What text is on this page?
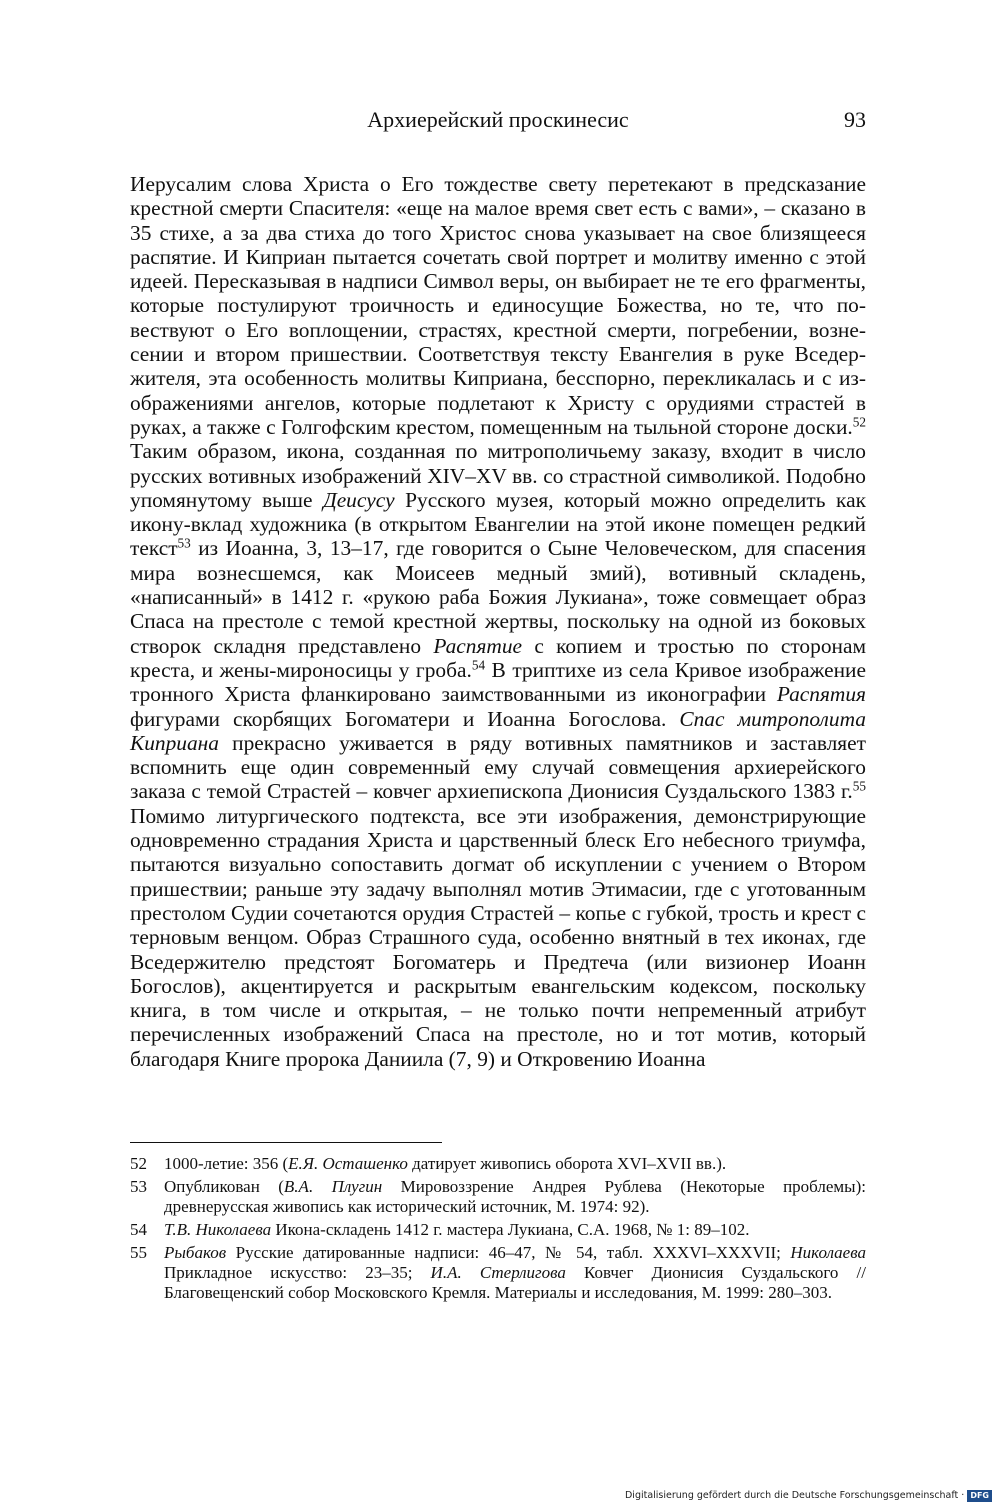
Архиерейский проскинесис	93

Иерусалим слова Христа о Его тождестве свету перетекают в предсказание крестной смерти Спасителя: «еще на малое время свет есть с вами», – сказано в 35 стихе, а за два стиха до того Христос снова указывает на свое близящееся распятие. И Киприан пытается сочетать свой портрет и молитву именно с этой идеей. Пересказывая в надписи Символ веры, он выбирает не те его фрагменты, которые постулируют троичность и единосущие Божества, но те, что повествуют о Его воплощении, страстях, крестной смерти, погребении, вознесении и втором пришествии. Соответствуя тексту Евангелия в руке Вседержителя, эта особенность молитвы Киприана, бесспорно, перекликалась и с изображениями ангелов, которые подлетают к Христу с орудиями страстей в руках, а также с Голгофским крестом, помещенным на тыльной стороне доски.$^{52}$ Таким образом, икона, созданная по митрополичьему заказу, входит в число русских вотивных изображений XIV–XV вв. со страстной символикой. Подобно упомянутому выше Деисусу Русского музея, который можно определить как икону-вклад художника (в открытом Евангелии на этой иконе помещен редкий текст$^{53}$ из Иоанна, 3, 13–17, где говорится о Сыне Человеческом, для спасения мира вознесшемся, как Моисеев медный змий), вотивный складень, «написанный» в 1412 г. «рукою раба Божия Лукиана», тоже совмещает образ Спаса на престоле с темой крестной жертвы, поскольку на одной из боковых створок складня представлено Распятие с копием и тростью по сторонам креста, и жены-мироносицы у гроба.$^{54}$ В триптихе из села Кривое изображение тронного Христа фланкировано заимствованными из иконографии Распятия фигурами скорбящих Богоматери и Иоанна Богослова. Спас митрополита Киприана прекрасно уживается в ряду вотивных памятников и заставляет вспомнить еще один современный ему случай совмещения архиерейского заказа с темой Страстей – ковчег архиепископа Дионисия Суздальского 1383 г.$^{55}$ Помимо литургического подтекста, все эти изображения, демонстрирующие одновременно страдания Христа и царственный блеск Его небесного триумфа, пытаются визуально сопоставить догмат об искуплении с учением о Втором пришествии; раньше эту задачу выполнял мотив Этимасии, где с уготованным престолом Судии сочетаются орудия Страстей – копье с губкой, трость и крест с терновым венцом. Образ Страшного суда, особенно внятный в тех иконах, где Вседержителю предстоят Богоматерь и Предтеча (или визионер Иоанн Богослов), акцентируется и раскрытым евангельским кодексом, поскольку книга, в том числе и открытая, – не только почти непременный атрибут перечисленных изображений Спаса на престоле, но и тот мотив, который благодаря Книге пророка Даниила (7, 9) и Откровению Иоанна

52 1000-летие: 356 (Е.Я. Осташенко датирует живопись оборота XVI–XVII вв.).
53 Опубликован (В.А. Плугин Мировоззрение Андрея Рублева (Некоторые проблемы): древнерусская живопись как исторический источник, М. 1974: 92).
54 Т.В. Николаева Икона-складень 1412 г. мастера Лукиана, С.А. 1968, № 1: 89–102.
55 Рыбаков Русские датированные надписи: 46–47, № 54, табл. XXXVI–XXXVII; Николаева Прикладное искусство: 23–35; И.А. Стерлигова Ковчег Дионисия Суздальского // Благовещенский собор Московского Кремля. Материалы и исследования, М. 1999: 280–303.
Digitalisierung gefördert durch die Deutsche Forschungsgemeinschaft · DFG
